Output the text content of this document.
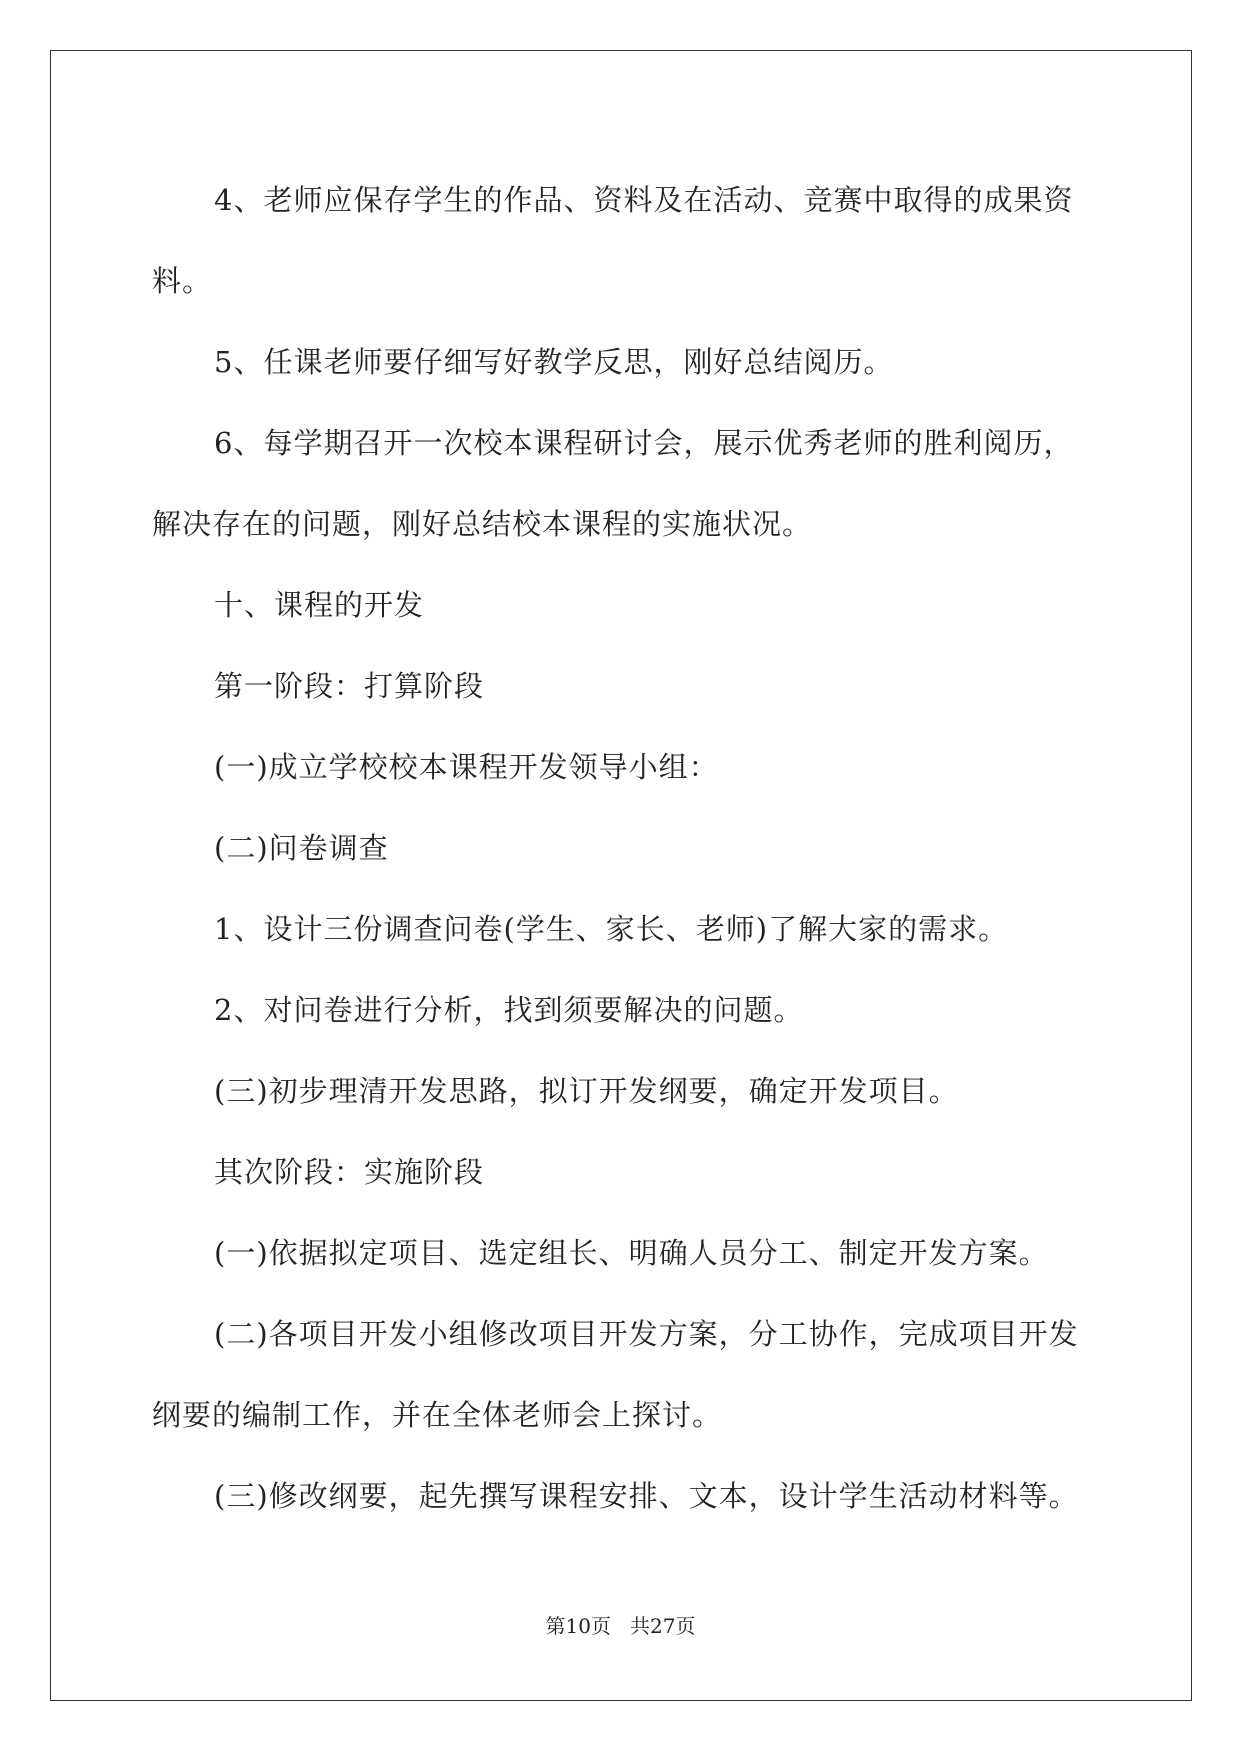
4、老师应保存学生的作品、资料及在活动、竞赛中取得的成果资料。

5、任课老师要仔细写好教学反思，刚好总结阅历。

6、每学期召开一次校本课程研讨会，展示优秀老师的胜利阅历，解决存在的问题，刚好总结校本课程的实施状况。

十、课程的开发

第一阶段：打算阶段

(一)成立学校校本课程开发领导小组：

(二)问卷调查

1、设计三份调查问卷(学生、家长、老师)了解大家的需求。

2、对问卷进行分析，找到须要解决的问题。

(三)初步理清开发思路，拟订开发纲要，确定开发项目。

其次阶段：实施阶段

(一)依据拟定项目、选定组长、明确人员分工、制定开发方案。

(二)各项目开发小组修改项目开发方案，分工协作，完成项目开发纲要的编制工作，并在全体老师会上探讨。

(三)修改纲要，起先撰写课程安排、文本，设计学生活动材料等。

第10页   共27页
